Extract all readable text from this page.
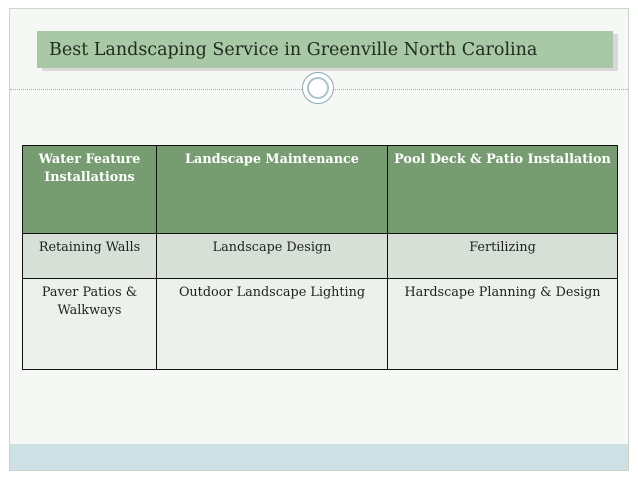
Best Landscaping Service in Greenville North Carolina
Water Feature Installations	Landscape Maintenance	Pool Deck & Patio Installation
Retaining Walls	Landscape Design	Fertilizing
Paver Patios & Walkways	Outdoor Landscape Lighting	Hardscape Planning & Design
